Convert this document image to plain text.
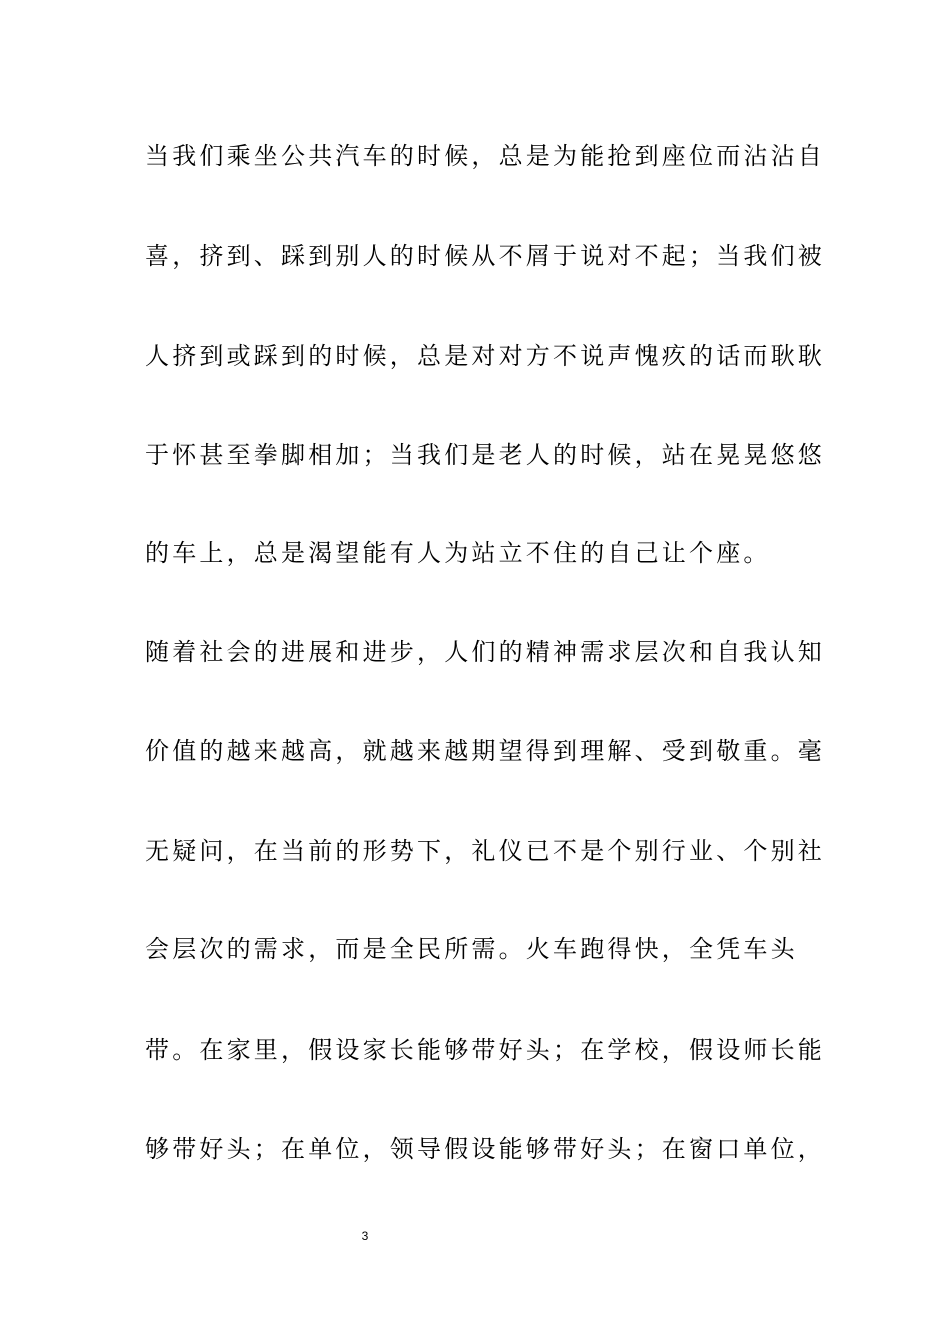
当我们乘坐公共汽车的时候，总是为能抢到座位而沾沾自
喜，挤到、踩到别人的时候从不屑于说对不起；当我们被
人挤到或踩到的时候，总是对对方不说声愧疚的话而耿耿
于怀甚至拳脚相加；当我们是老人的时候，站在晃晃悠悠
的车上，总是渴望能有人为站立不住的自己让个座。
随着社会的进展和进步，人们的精神需求层次和自我认知
价值的越来越高，就越来越期望得到理解、受到敬重。毫
无疑问，在当前的形势下，礼仪已不是个别行业、个别社
会层次的需求，而是全民所需。火车跑得快，全凭车头
带。在家里，假设家长能够带好头；在学校，假设师长能
够带好头；在单位，领导假设能够带好头；在窗口单位，
3
